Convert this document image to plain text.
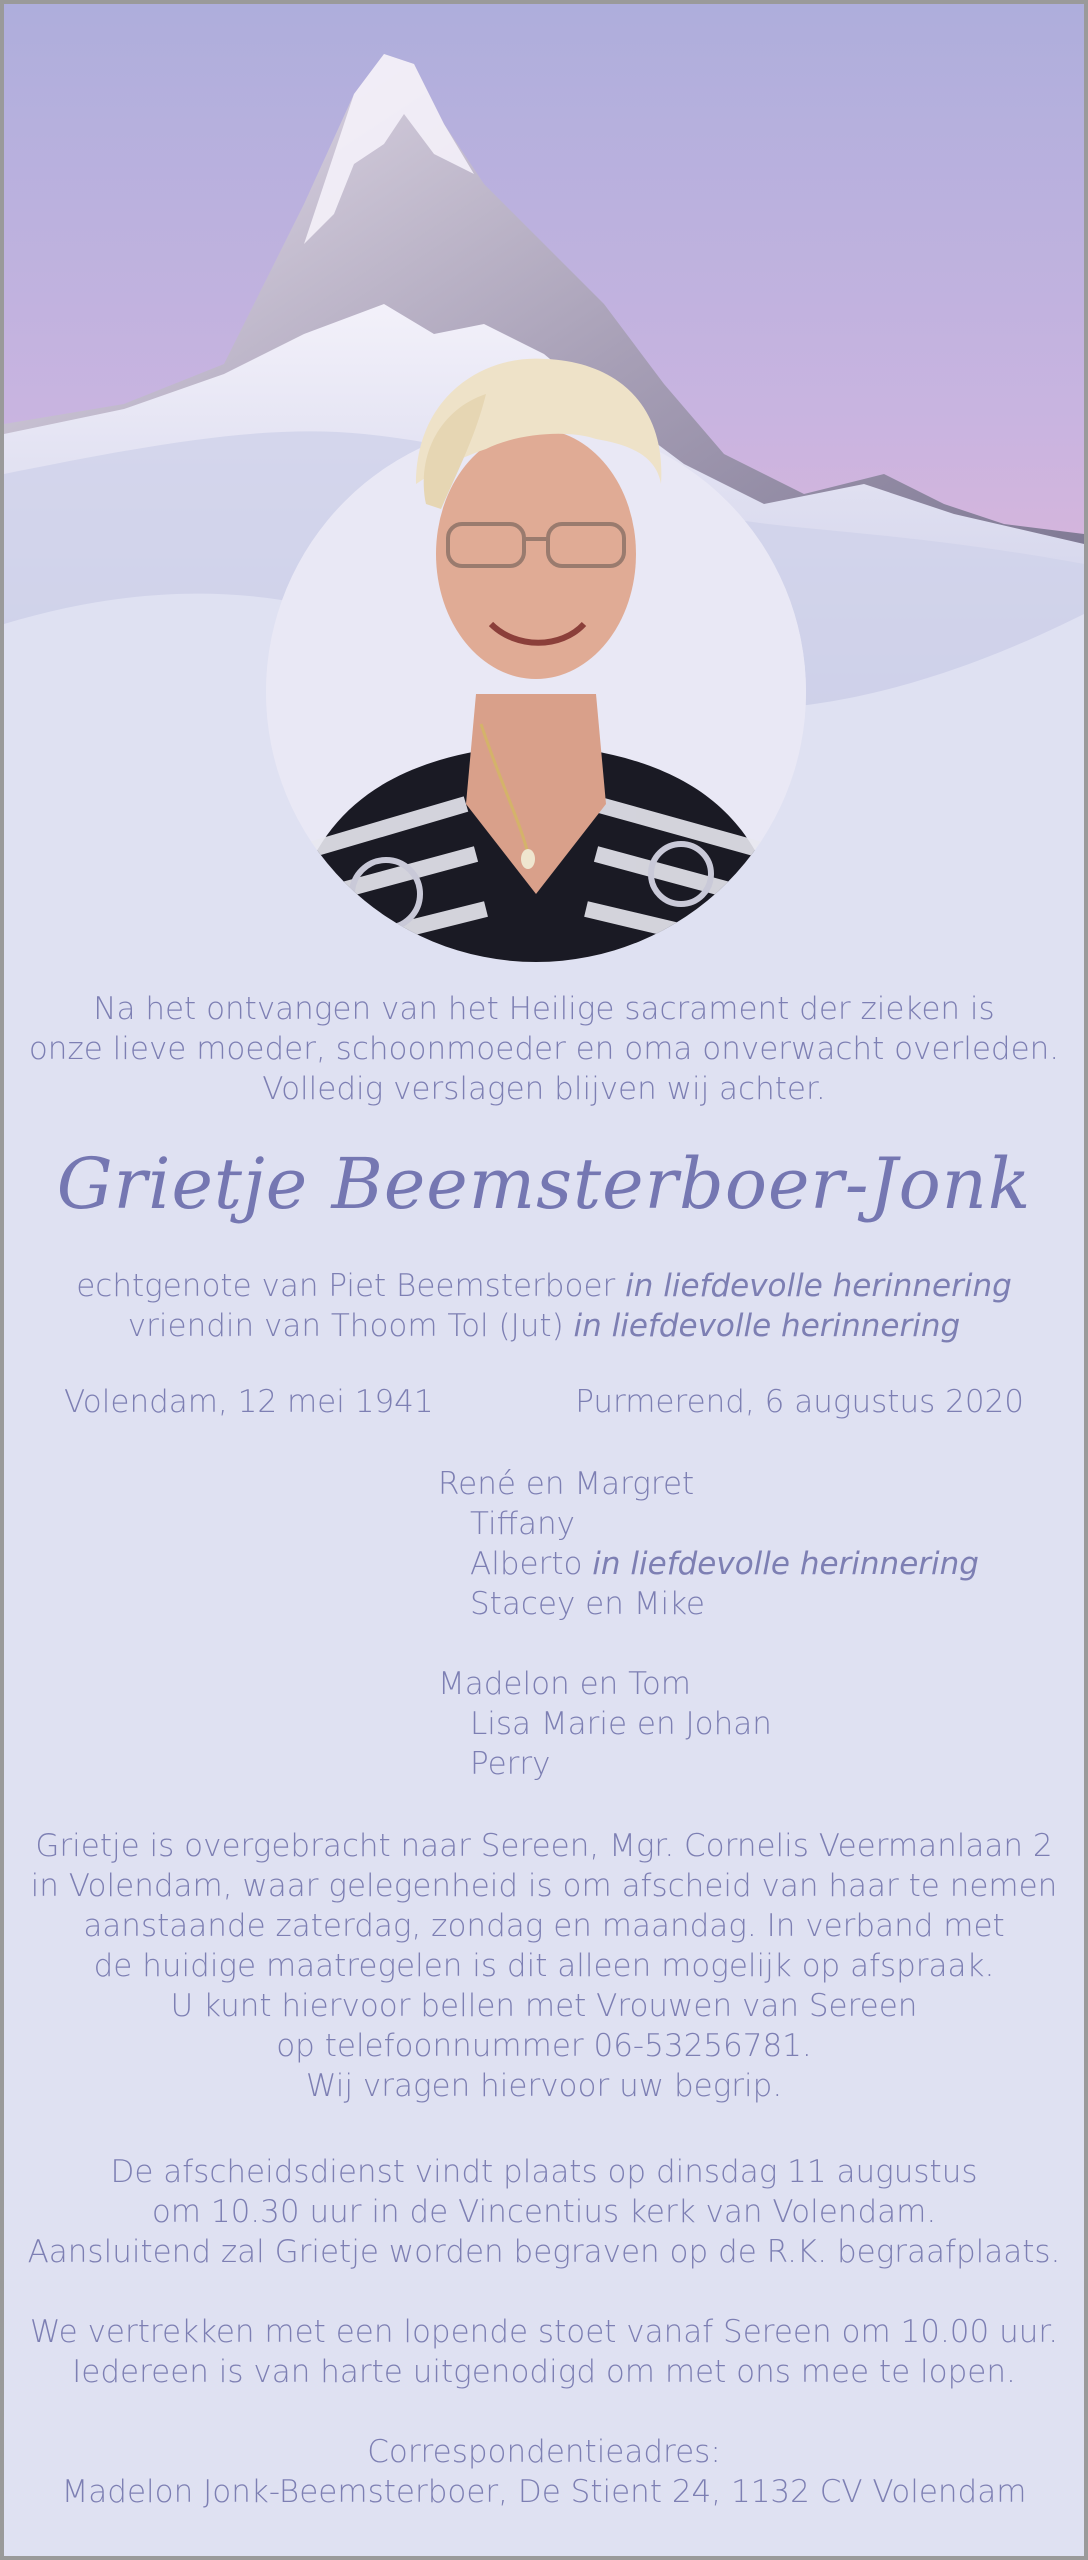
Na het ontvangen van het Heilige sacrament der zieken is

onze lieve moeder, schoonmoeder en oma onverwacht overleden.

Volledig verslagen blijven wij achter.

Grietje Beemsterboer-Jonk

echtgenote van Piet Beemsterboer in liefdevolle herinnering

vriendin van Thoom Tol (Jut) in liefdevolle herinnering

Volendam, 12 mei 1941	Purmerend, 6 augustus 2020
René en Margret
Tiffany
Alberto in liefdevolle herinnering
Stacey en Mike
Madelon en Tom
Lisa Marie en Johan
Perry

Grietje is overgebracht naar Sereen, Mgr. Cornelis Veermanlaan 2

in Volendam, waar gelegenheid is om afscheid van haar te nemen

aanstaande zaterdag, zondag en maandag. In verband met

de huidige maatregelen is dit alleen mogelijk op afspraak.

U kunt hiervoor bellen met Vrouwen van Sereen

op telefoonnummer 06-53256781.

Wij vragen hiervoor uw begrip.

De afscheidsdienst vindt plaats op dinsdag 11 augustus

om 10.30 uur in de Vincentius kerk van Volendam.

Aansluitend zal Grietje worden begraven op de R.K. begraafplaats.

We vertrekken met een lopende stoet vanaf Sereen om 10.00 uur.

Iedereen is van harte uitgenodigd om met ons mee te lopen.

Correspondentieadres:

Madelon Jonk-Beemsterboer, De Stient 24, 1132 CV Volendam
